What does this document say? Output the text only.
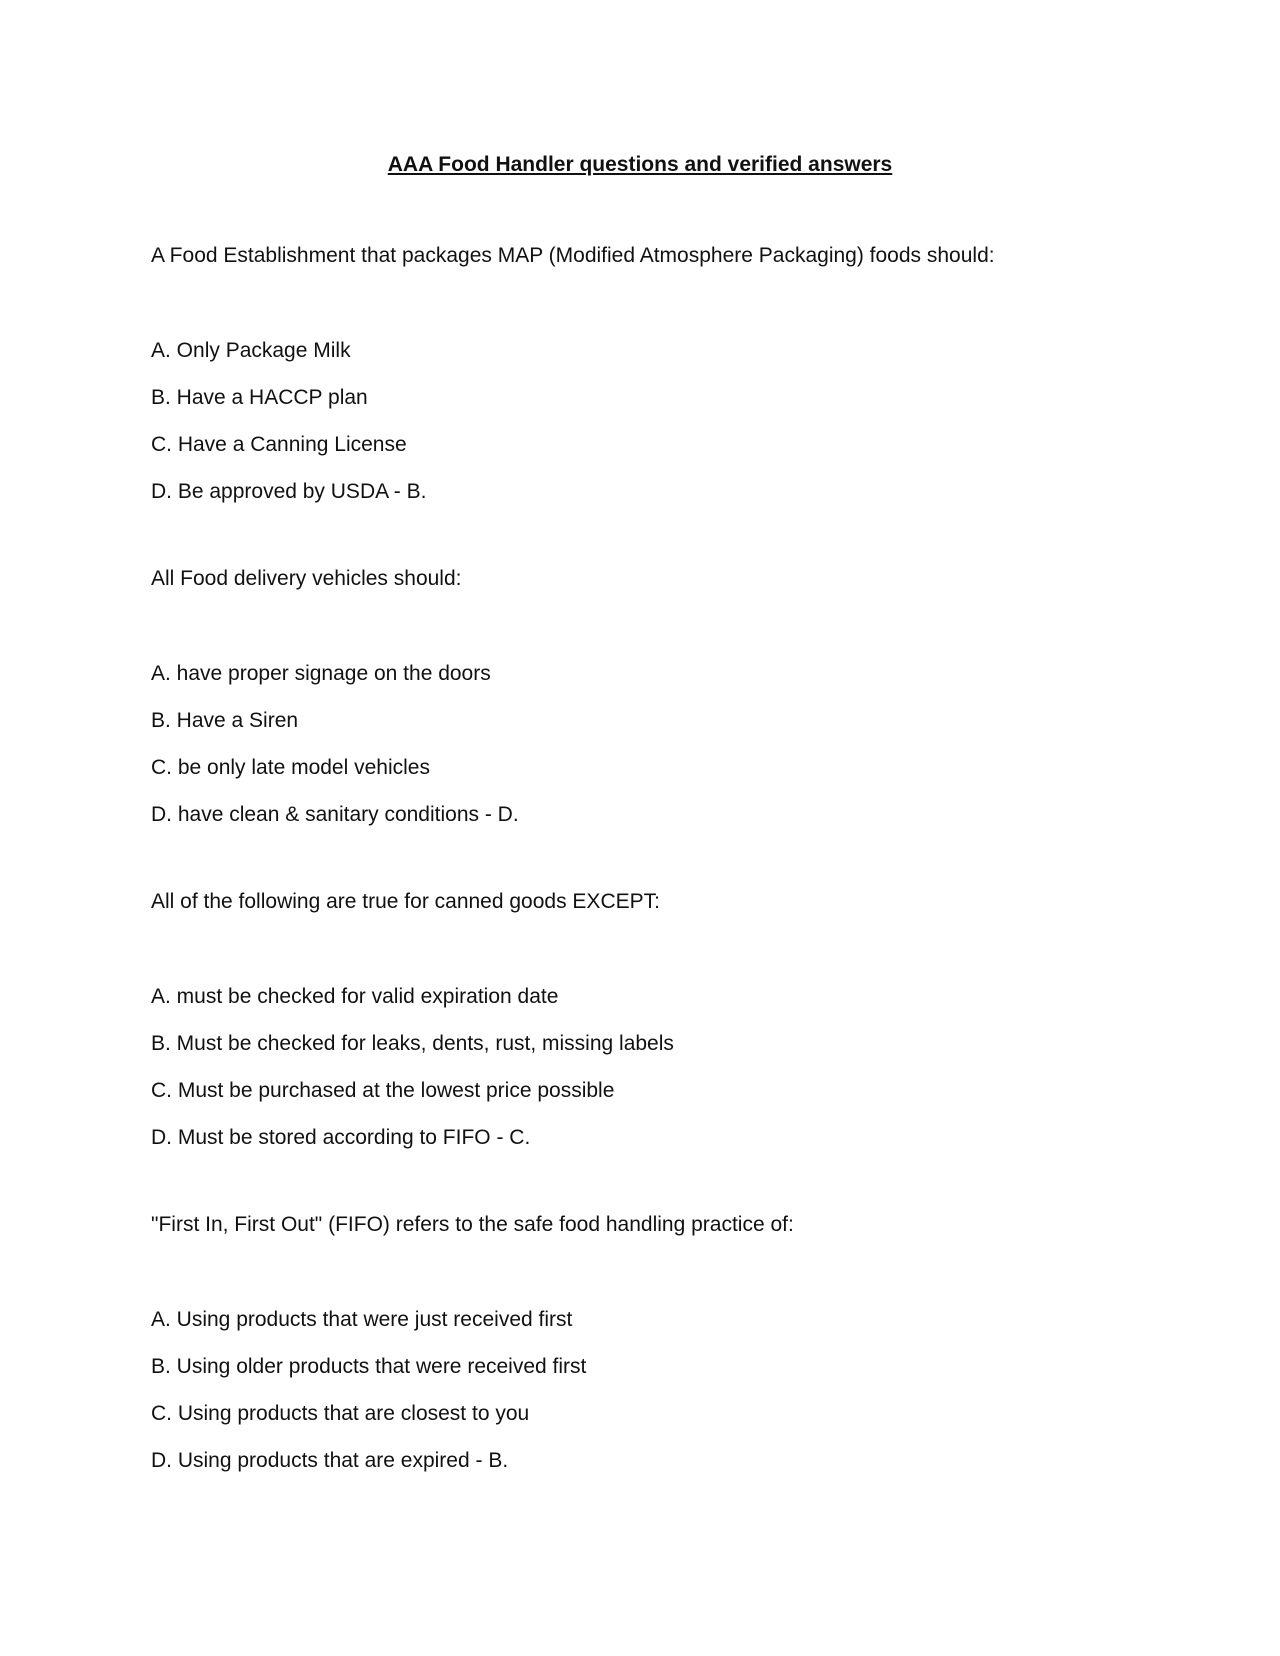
AAA Food Handler questions and verified answers

A Food Establishment that packages MAP (Modified Atmosphere Packaging) foods should:

A. Only Package Milk
B. Have a HACCP plan
C. Have a Canning License
D. Be approved by USDA - B.

All Food delivery vehicles should:

A. have proper signage on the doors
B. Have a Siren
C. be only late model vehicles
D. have clean & sanitary conditions - D.

All of the following are true for canned goods EXCEPT:

A. must be checked for valid expiration date
B. Must be checked for leaks, dents, rust, missing labels
C. Must be purchased at the lowest price possible
D. Must be stored according to FIFO - C.

"First In, First Out" (FIFO) refers to the safe food handling practice of:

A. Using products that were just received first
B. Using older products that were received first
C. Using products that are closest to you
D. Using products that are expired - B.
